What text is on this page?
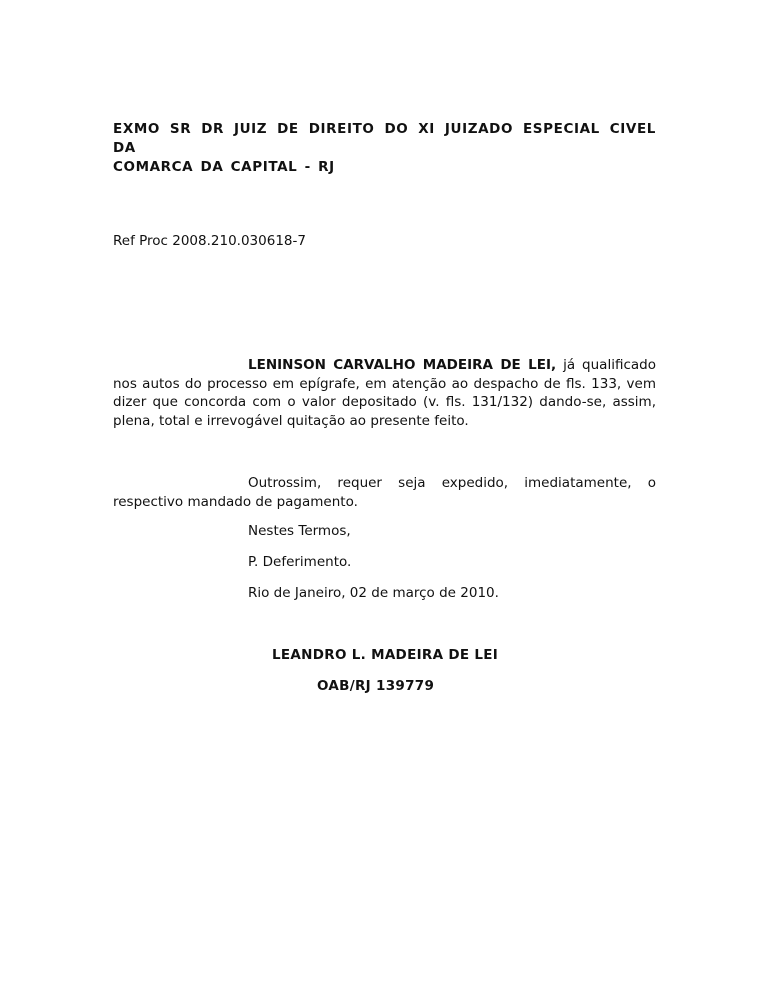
EXMO SR DR JUIZ DE DIREITO DO XI JUIZADO ESPECIAL CIVEL DA
COMARCA DA CAPITAL - RJ
Ref Proc 2008.210.030618-7
LENINSON CARVALHO MADEIRA DE LEI, já qualificado nos autos do processo em epígrafe, em atenção ao despacho de fls. 133, vem dizer que concorda com o valor depositado (v. fls. 131/132) dando-se, assim, plena, total e irrevogável quitação ao presente feito.
Outrossim, requer seja expedido, imediatamente, o respectivo mandado de pagamento.
Nestes Termos,
P. Deferimento.
Rio de Janeiro, 02 de março de 2010.
LEANDRO L. MADEIRA DE LEI
OAB/RJ 139779
